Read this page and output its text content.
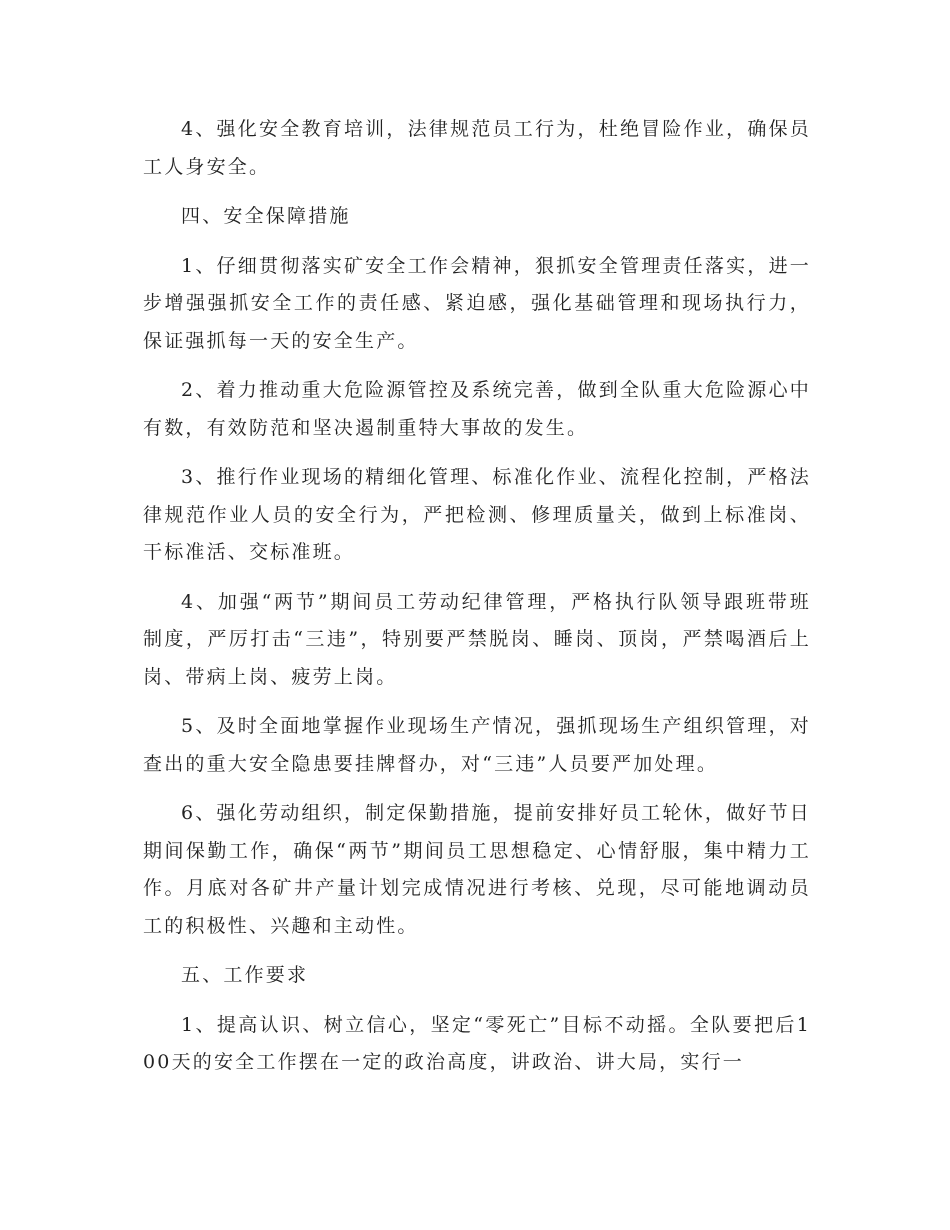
4、强化安全教育培训，法律规范员工行为，杜绝冒险作业，确保员工人身安全。

四、安全保障措施

1、仔细贯彻落实矿安全工作会精神，狠抓安全管理责任落实，进一步增强强抓安全工作的责任感、紧迫感，强化基础管理和现场执行力，保证强抓每一天的安全生产。

2、着力推动重大危险源管控及系统完善，做到全队重大危险源心中有数，有效防范和坚决遏制重特大事故的发生。

3、推行作业现场的精细化管理、标准化作业、流程化控制，严格法律规范作业人员的安全行为，严把检测、修理质量关，做到上标准岗、干标准活、交标准班。

4、加强“两节”期间员工劳动纪律管理，严格执行队领导跟班带班制度，严厉打击“三违”，特别要严禁脱岗、睡岗、顶岗，严禁喝酒后上岗、带病上岗、疲劳上岗。

5、及时全面地掌握作业现场生产情况，强抓现场生产组织管理，对查出的重大安全隐患要挂牌督办，对“三违”人员要严加处理。

6、强化劳动组织，制定保勤措施，提前安排好员工轮休，做好节日期间保勤工作，确保“两节”期间员工思想稳定、心情舒服，集中精力工作。月底对各矿井产量计划完成情况进行考核、兑现，尽可能地调动员工的积极性、兴趣和主动性。

五、工作要求

1、提高认识、树立信心，坚定“零死亡”目标不动摇。全队要把后100天的安全工作摆在一定的政治高度，讲政治、讲大局，实行一
